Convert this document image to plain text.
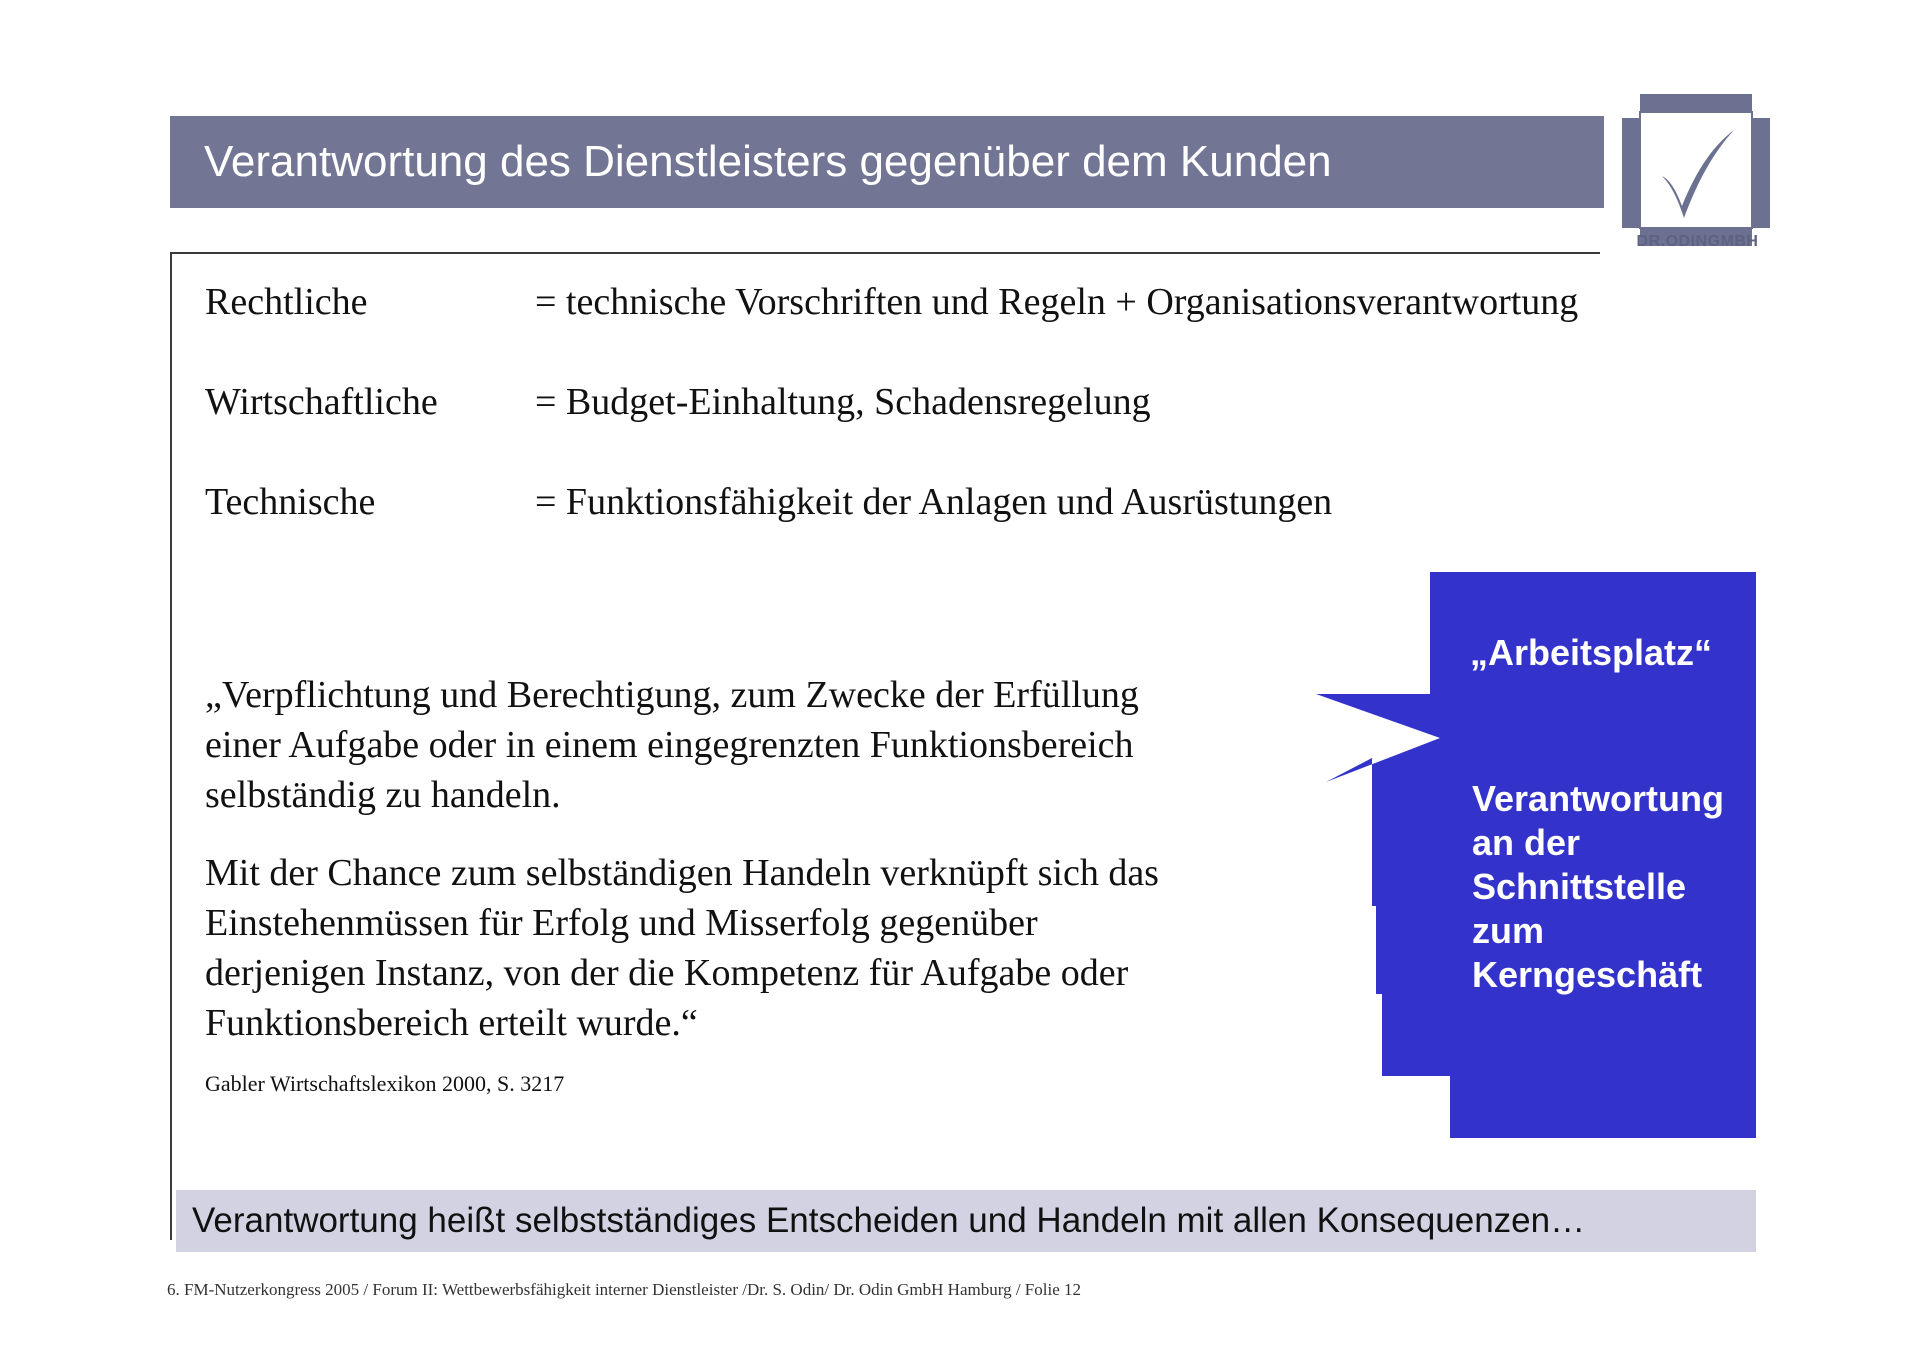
Verantwortung des Dienstleisters gegenüber dem Kunden
DR.ODINGMBH
Rechtliche	= technische Vorschriften und Regeln + Organisationsverantwortung
Wirtschaftliche	= Budget-Einhaltung, Schadensregelung
Technische	= Funktionsfähigkeit der Anlagen und Ausrüstungen
„Verpflichtung und Berechtigung, zum Zwecke der Erfüllung
einer Aufgabe oder in einem eingegrenzten Funktionsbereich
selbständig zu handeln.
Mit der Chance zum selbständigen Handeln verknüpft sich das
Einstehenmüssen für Erfolg und Misserfolg gegenüber
derjenigen Instanz, von der die Kompetenz für Aufgabe oder
Funktionsbereich erteilt wurde.“
Gabler Wirtschaftslexikon 2000, S. 3217
„Arbeitsplatz“
Verantwortung
an der
Schnittstelle
zum
Kerngeschäft
Verantwortung heißt selbstständiges Entscheiden und Handeln mit allen Konsequenzen…
6. FM-Nutzerkongress 2005 / Forum II: Wettbewerbsfähigkeit interner Dienstleister /Dr. S. Odin/ Dr. Odin GmbH Hamburg / Folie 12
